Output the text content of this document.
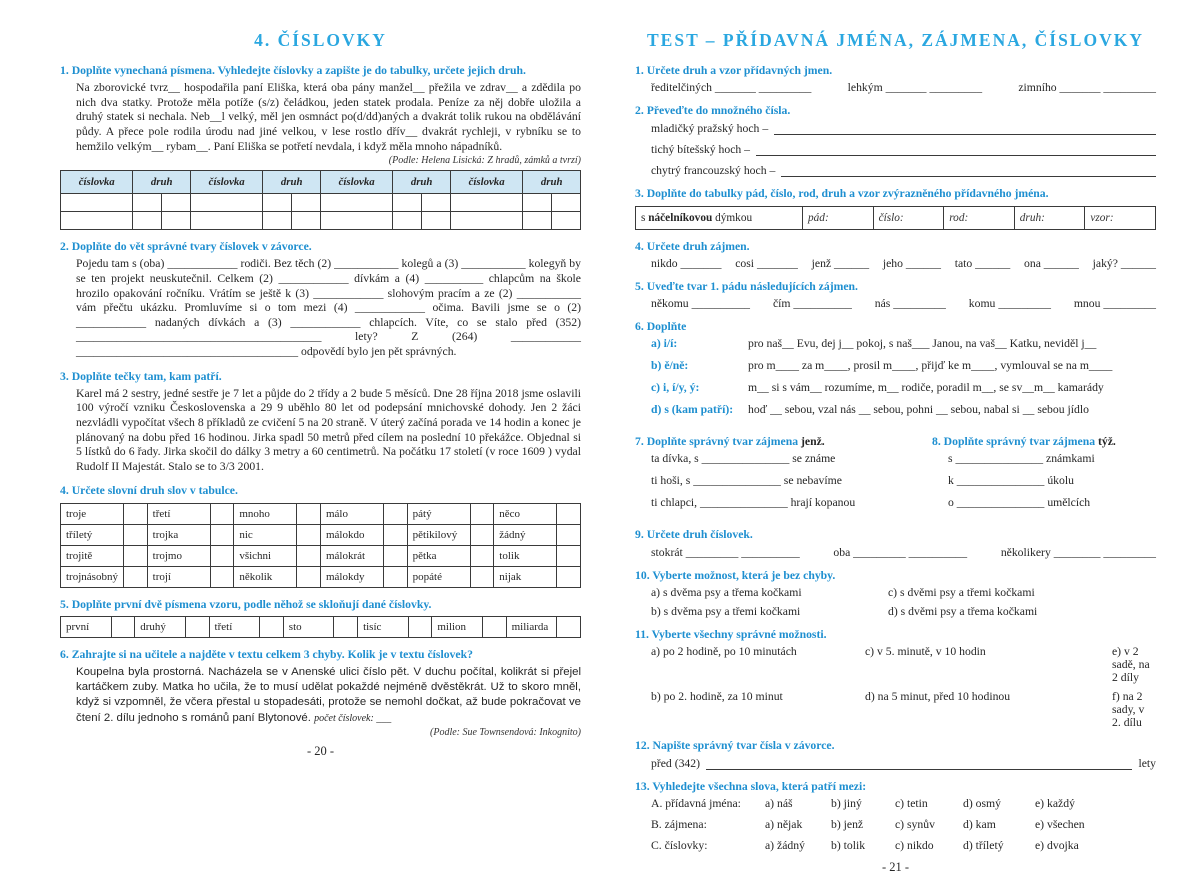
4. ČÍSLOVKY
1. Doplňte vynechaná písmena. Vyhledejte číslovky a zapište je do tabulky, určete jejich druh.
Na zborovické tvrz__ hospodařila paní Eliška, která oba pány manžel__ přežila ve zdrav__ a zdědila po nich dva statky. Protože měla potíže (s/z) čeládkou, jeden statek prodala. Peníze za něj dobře uložila a druhý statek si nechala. Neb__l velký, měl jen osmnáct po(d/dd)aných a dvakrát tolik rukou na obdělávání půdy. A přece pole rodila úrodu nad jiné velkou, v lese rostlo dřív__ dvakrát rychleji, v rybníku se to hemžilo velkým__ rybam__. Paní Eliška se potřetí nevdala, i když měla mnoho nápadníků.
(Podle: Helena Lisická: Z hradů, zámků a tvrzí)
číslovka	druh		číslovka	druh		číslovka	druh		číslovka	druh	

2. Doplňte do vět správné tvary číslovek v závorce.
Pojedu tam s (oba) ____________ rodiči. Bez těch (2) ___________ kolegů a (3) ___________ kolegyň by se ten projekt neuskutečnil. Celkem (2) ____________ dívkám a (4) __________ chlapcům na škole hrozilo opakování ročníku. Vrátím se ještě k (3) ____________ slohovým pracím a ze (2) ___________ vám přečtu ukázku. Promluvíme si o tom mezi (4) ____________ očima. Bavili jsme se o (2) ____________ nadaných dívkách a (3) ____________ chlapcích. Víte, co se stalo před (352) __________________________________________ lety? Z (264) ____________ ______________________________________ odpovědí bylo jen pět správných.
3. Doplňte tečky tam, kam patří.
Karel má 2 sestry, jedné sestře je 7 let a půjde do 2 třídy a 2 bude 5 měsíců. Dne 28 října 2018 jsme oslavili 100 výročí vzniku Československa a 29 9 uběhlo 80 let od podepsání mnichovské dohody. Jen 2 žáci nezvládli vypočítat všech 8 příkladů ze cvičení 5 na 20 straně. V úterý začíná porada ve 14 hodin a konec je plánovaný na dobu před 16 hodinou. Jirka spadl 50 metrů před cílem na poslední 10 překážce. Objednal si 5 lístků do 6 řady. Jirka skočil do dálky 3 metry a 60 centimetrů. Na počátku 17 století (v roce 1609 ) vydal Rudolf II Majestát. Stalo se to 3/3 2001.
4. Určete slovní druh slov v tabulce.
troje		třetí		mnoho		málo		pátý		něco	
tříletý		trojka		nic		málokdo		pětikilový		žádný	
trojitě		trojmo		všichni		málokrát		pětka		tolik	
trojnásobný		trojí		několik		málokdy		popáté		nijak	
5. Doplňte první dvě písmena vzoru, podle něhož se skloňují dané číslovky.
první		druhý		třetí		sto		tisíc		milion		miliarda	
6. Zahrajte si na učitele a najděte v textu celkem 3 chyby. Kolik je v textu číslovek?
Koupelna byla prostorná. Nacházela se v Anenské ulici číslo pět. V duchu počítal, kolikrát si přejel kartáčkem zuby. Matka ho učila, že to musí udělat pokaždé nejméně dvěstěkrát. Už to skoro mněl, když si vzpomněl, že včera přestal u stopadesáti, protože se nemohl dočkat, až bude pokračovat ve čtení 2. dílu jednoho s románů paní Blytonové. počet číslovek: ___
(Podle: Sue Townsendová: Inkognito)
- 20 -
TEST – PŘÍDAVNÁ JMÉNA, ZÁJMENA, ČÍSLOVKY
1. Určete druh a vzor přídavných jmen.
ředitelčiných _______ _________	lehkým _______ _________	zimního _______ _________
2. Převeďte do množného čísla.
mladičký pražský hoch –
tichý bítešský hoch –
chytrý francouzský hoch –
3. Doplňte do tabulky pád, číslo, rod, druh a vzor zvýrazněného přídavného jména.
s náčelníkovou dýmkou	pád:	číslo:	rod:	druh:	vzor:
4. Určete druh zájmen.
nikdo _______ cosi _______ jenž ______ jeho ______ tato ______ ona ______ jaký? ______
5. Uveďte tvar 1. pádu následujících zájmen.
někomu __________ čím __________ nás _________ komu _________ mnou _________
6. Doplňte
a) i/í:	pro naš__ Evu, dej j__ pokoj, s naš___ Janou, na vaš__ Katku, neviděl j__
b) ě/ně:	pro m____ za m____, prosil m____, přijď ke m____, vymlouval se na m____
c) i, í/y, ý:	m__ si s vám__ rozumíme, m__ rodiče, poradil m__, se sv__m__ kamarády
d) s (kam patří):	hoď __ sebou, vzal nás __ sebou, pohni __ sebou, nabal si __ sebou jídlo
7. Doplňte správný tvar zájmena jenž.
ta dívka, s _______________ se známe
ti hoši, s _______________ se nebavíme
ti chlapci, _______________ hrají kopanou
8. Doplňte správný tvar zájmena týž.
s _______________ známkami
k _______________ úkolu
o _______________ umělcích
9. Určete druh číslovek.
stokrát _________ __________	oba _________ __________	několikery ________ _________
10. Vyberte možnost, která je bez chyby.
a) s dvěma psy a třema kočkami	c) s dvěmi psy a třemi kočkami
b) s dvěma psy a třemi kočkami	d) s dvěmi psy a třema kočkami
11. Vyberte všechny správné možnosti.
a) po 2 hodině, po 10 minutách	c) v 5. minutě, v 10 hodin	e) v 2 sadě, na 2 díly
b) po 2. hodině, za 10 minut	d) na 5 minut, před 10 hodinou	f) na 2 sady, v 2. dílu
12. Napište správný tvar čísla v závorce.
před (342)	lety
13. Vyhledejte všechna slova, která patří mezi:
A. přídavná jména:	a) náš	b) jiný	c) tetin	d) osmý	e) každý
B. zájmena:	a) nějak	b) jenž	c) synův	d) kam	e) všechen
C. číslovky:	a) žádný	b) tolik	c) nikdo	d) tříletý	e) dvojka
- 21 -
